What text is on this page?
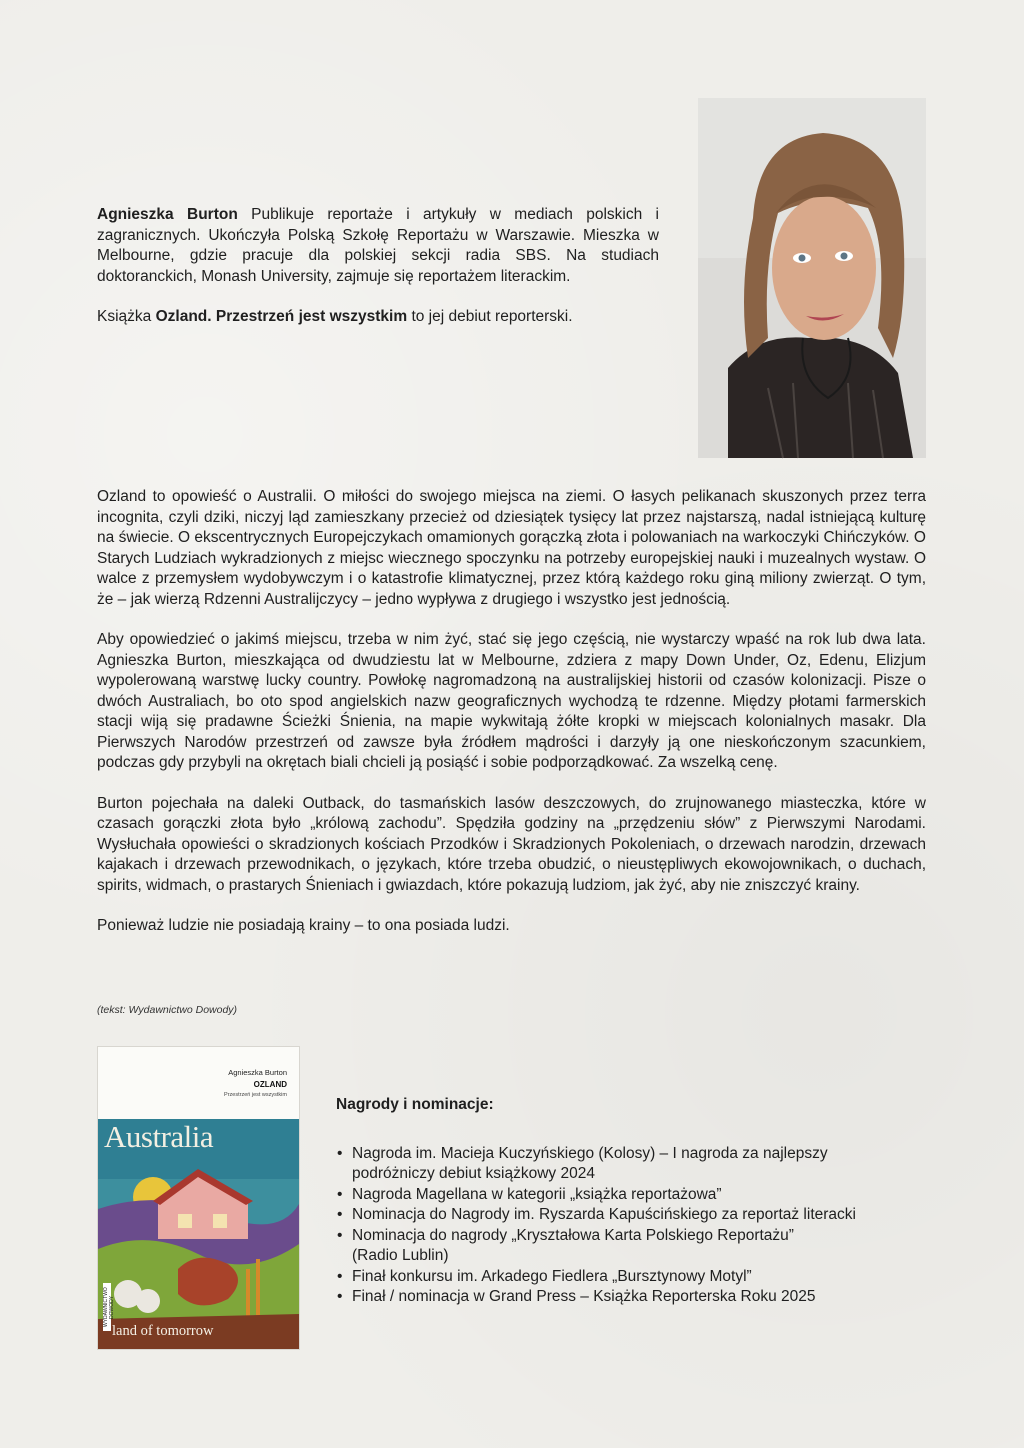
Agnieszka Burton Publikuje reportaże i artykuły w mediach polskich i zagranicznych. Ukończyła Polską Szkołę Reportażu w Warszawie. Mieszka w Melbourne, gdzie pracuje dla polskiej sekcji radia SBS. Na studiach doktoranckich, Monash University, zajmuje się reportażem literackim.

Książka Ozland. Przestrzeń jest wszystkim to jej debiut reporterski.

Ozland to opowieść o Australii. O miłości do swojego miejsca na ziemi. O łasych pelikanach skuszonych przez terra incognita, czyli dziki, niczyj ląd zamieszkany przecież od dziesiątek tysięcy lat przez najstarszą, nadal istniejącą kulturę na świecie. O ekscentrycznych Europejczykach omamionych gorączką złota i polowaniach na warkoczyki Chińczyków. O Starych Ludziach wykradzionych z miejsc wiecznego spoczynku na potrzeby europejskiej nauki i muzealnych wystaw. O walce z przemysłem wydobywczym i o katastrofie klimatycznej, przez którą każdego roku giną miliony zwierząt. O tym, że – jak wierzą Rdzenni Australijczycy – jedno wypływa z drugiego i wszystko jest jednością.

Aby opowiedzieć o jakimś miejscu, trzeba w nim żyć, stać się jego częścią, nie wystarczy wpaść na rok lub dwa lata. Agnieszka Burton, mieszkająca od dwudziestu lat w Melbourne, zdziera z mapy Down Under, Oz, Edenu, Elizjum wypolerowaną warstwę lucky country. Powłokę nagromadzoną na australijskiej historii od czasów kolonizacji. Pisze o dwóch Australiach, bo oto spod angielskich nazw geograficznych wychodzą te rdzenne. Między płotami farmerskich stacji wiją się pradawne Ścieżki Śnienia, na mapie wykwitają żółte kropki w miejscach kolonialnych masakr. Dla Pierwszych Narodów przestrzeń od zawsze była źródłem mądrości i darzyły ją one nieskończonym szacunkiem, podczas gdy przybyli na okrętach biali chcieli ją posiąść i sobie podporządkować. Za wszelką cenę.

Burton pojechała na daleki Outback, do tasmańskich lasów deszczowych, do zrujnowanego miasteczka, które w czasach gorączki złota było „królową zachodu”. Spędziła godziny na „przędzeniu słów” z Pierwszymi Narodami. Wysłuchała opowieści o skradzionych kościach Przodków i Skradzionych Pokoleniach, o drzewach narodzin, drzewach kajakach i drzewach przewodnikach, o językach, które trzeba obudzić, o nieustępliwych ekowojownikach, o duchach, spirits, widmach, o prastarych Śnieniach i gwiazdach, które pokazują ludziom, jak żyć, aby nie zniszczyć krainy.

Ponieważ ludzie nie posiadają krainy – to ona posiada ludzi.

(tekst: Wydawnictwo Dowody)
Agnieszka Burton
OZLAND
Przestrzeń jest wszystkim
Australia
land of tomorrow
WYDAWNICTWO DOWODY
Nagrody i nominacje:
• Nagroda im. Macieja Kuczyńskiego (Kolosy) – I nagroda za najlepszy
podróżniczy debiut książkowy 2024
• Nagroda Magellana w kategorii „książka reportażowa”
• Nominacja do Nagrody im. Ryszarda Kapuścińskiego za reportaż literacki
• Nominacja do nagrody „Kryształowa Karta Polskiego Reportażu”
(Radio Lublin)
• Finał konkursu im. Arkadego Fiedlera „Bursztynowy Motyl”
• Finał / nominacja w Grand Press – Książka Reporterska Roku 2025
